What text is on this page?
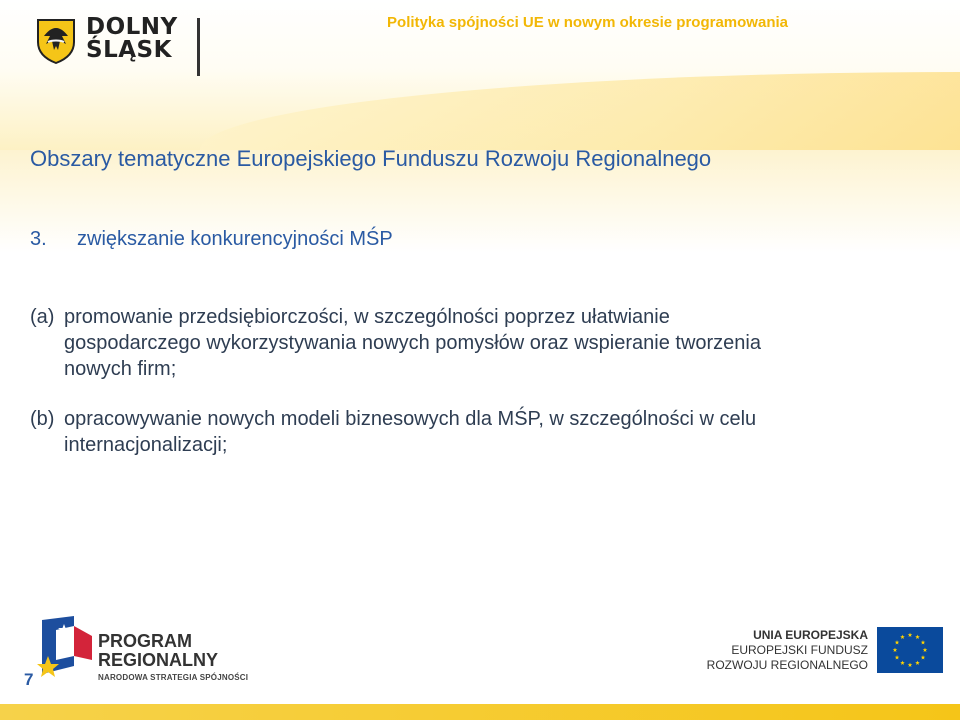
DOLNY
ŚLĄSK
Polityka spójności UE w nowym okresie programowania
Obszary tematyczne Europejskiego Funduszu Rozwoju Regionalnego
3. zwiększanie konkurencyjności MŚP
(a) promowanie przedsiębiorczości, w szczególności poprzez ułatwianie
gospodarczego wykorzystywania nowych pomysłów oraz wspieranie tworzenia
nowych firm;
(b) opracowywanie nowych modeli biznesowych dla MŚP, w szczególności w celu
internacjonalizacji;
7
PROGRAM
REGIONALNY
NARODOWA STRATEGIA SPÓJNOŚCI
UNIA EUROPEJSKA
EUROPEJSKI FUNDUSZ
ROZWOJU REGIONALNEGO
